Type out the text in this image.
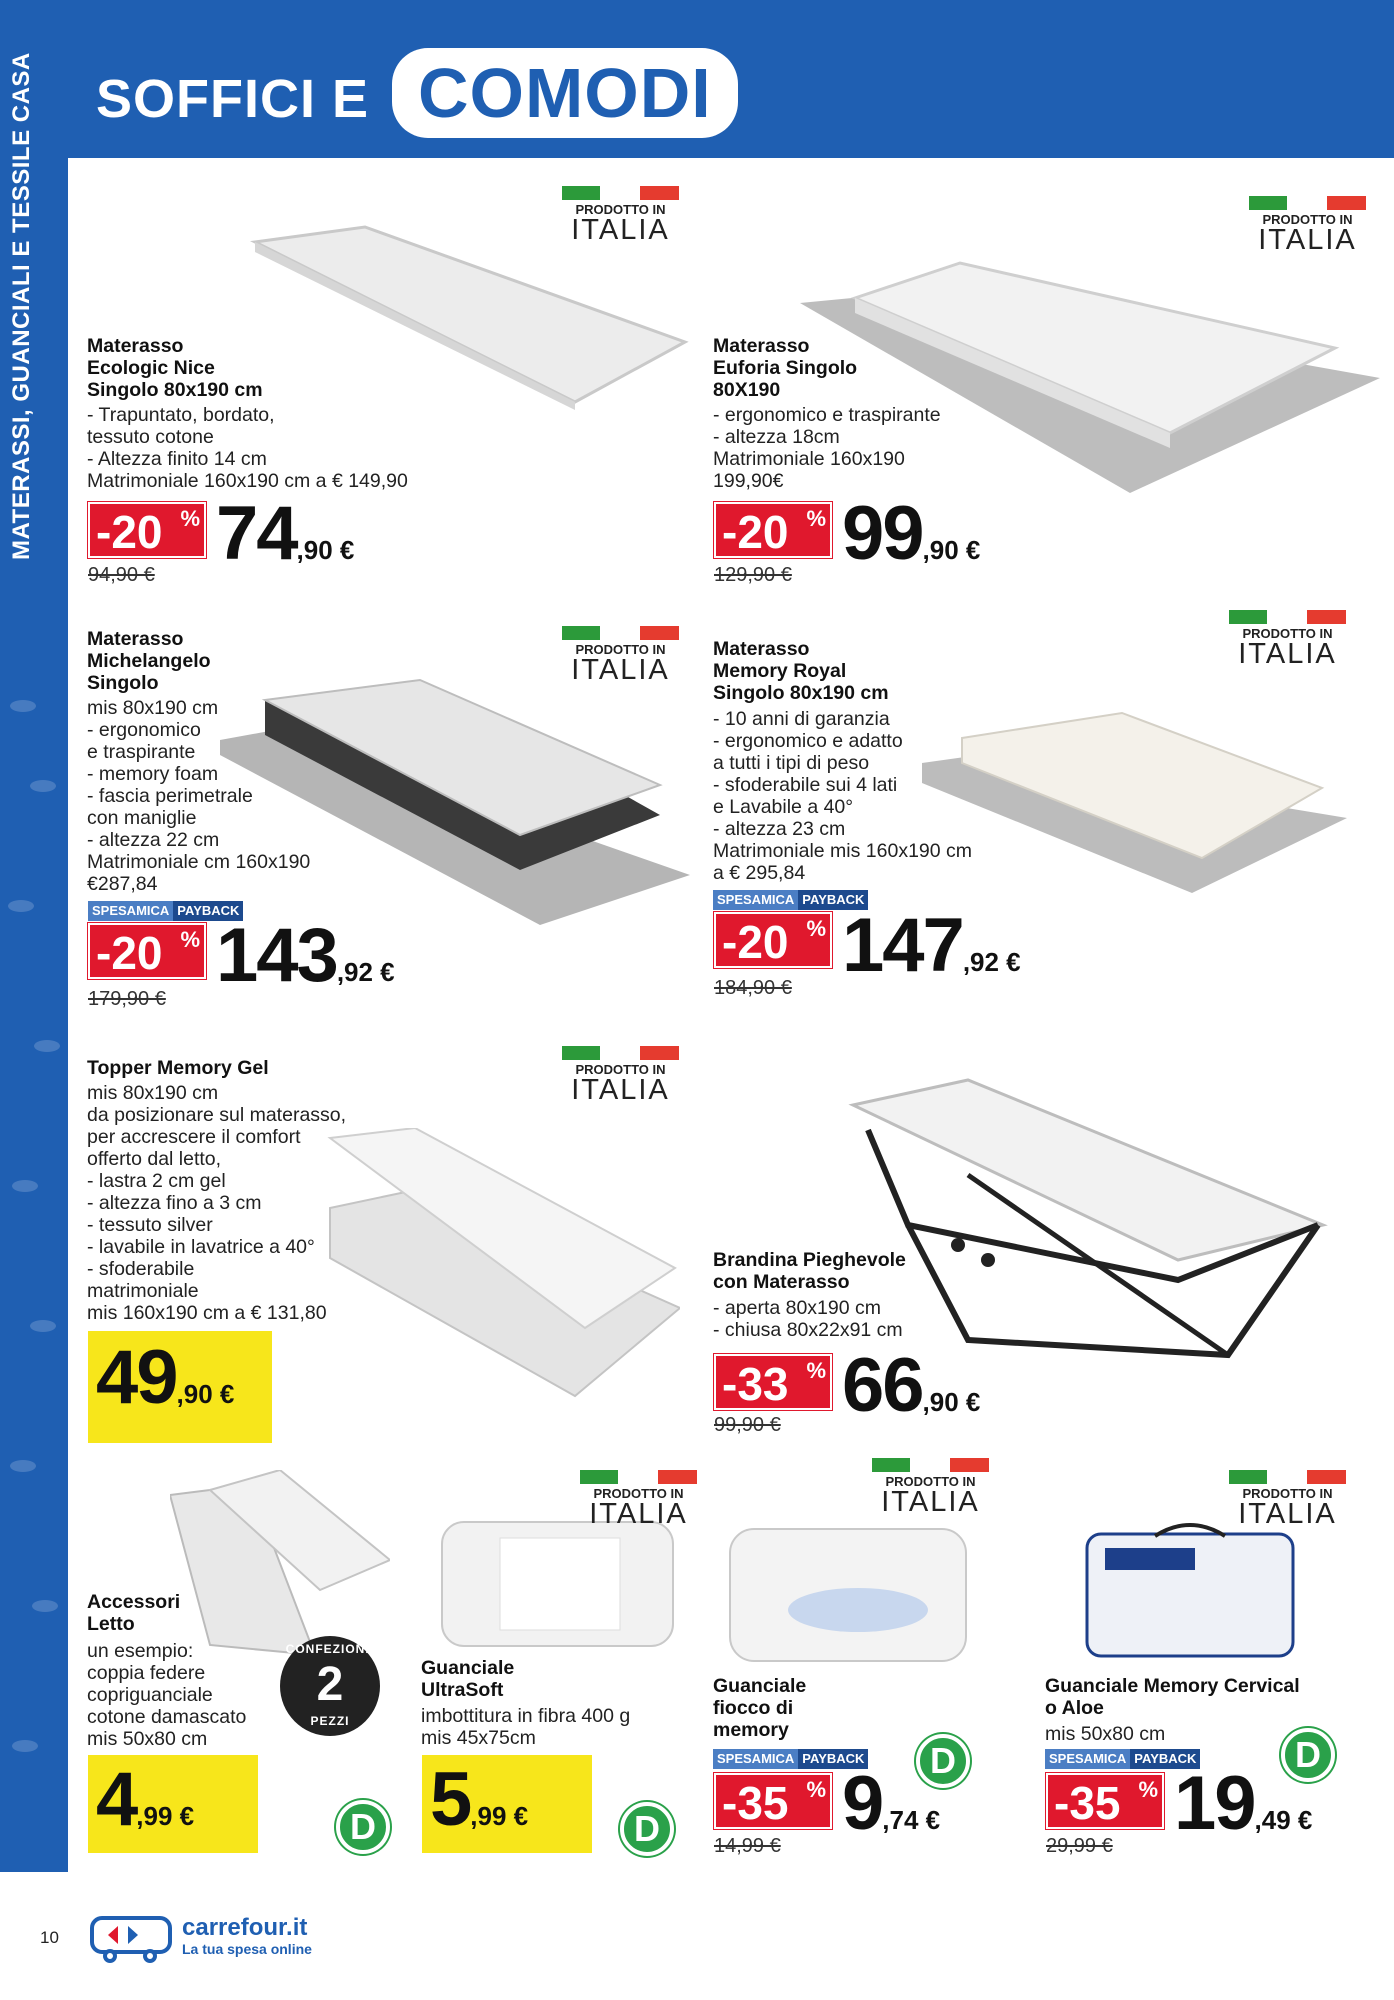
MATERASSI, GUANCIALI E TESSILE CASA SOFFICI E COMODI
PRODOTTO IN
ITALIA
Materasso
Ecologic Nice
Singolo 80x190 cm
- Trapuntato, bordato,
tessuto cotone
- Altezza finito 14 cm
Matrimoniale 160x190 cm a € 149,90
-20 % 74,90 €
94,90 €
PRODOTTO IN
ITALIA
Materasso
Euforia Singolo
80X190
- ergonomico e traspirante
- altezza 18cm
Matrimoniale 160x190
199,90€
-20 % 99,90 €
129,90 €
PRODOTTO IN
ITALIA
Materasso
Michelangelo
Singolo
mis 80x190 cm
- ergonomico
e traspirante
- memory foam
- fascia perimetrale
con maniglie
- altezza 22 cm
Matrimoniale cm 160x190
€287,84
SPESAMICA PAYBACK
-20 % 143,92 €
179,90 €
PRODOTTO IN
ITALIA
Materasso
Memory Royal
Singolo 80x190 cm
- 10 anni di garanzia
- ergonomico e adatto
a tutti i tipi di peso
- sfoderabile sui 4 lati
e Lavabile a 40°
- altezza 23 cm
Matrimoniale mis 160x190 cm
a € 295,84
SPESAMICA PAYBACK
-20 % 147,92 €
184,90 €
PRODOTTO IN
ITALIA
Topper Memory Gel
mis 80x190 cm
da posizionare sul materasso,
per accrescere il comfort
offerto dal letto,
- lastra 2 cm gel
- altezza fino a 3 cm
- tessuto silver
- lavabile in lavatrice a 40°
- sfoderabile
matrimoniale
mis 160x190 cm a € 131,80
49,90 €
Brandina Pieghevole
con Materasso
- aperta 80x190 cm
- chiusa 80x22x91 cm
-33 % 66,90 €
99,90 €
CONFEZIONE
2
PEZZI
Accessori
Letto
un esempio:
coppia federe
copriguanciale
cotone damascato
mis 50x80 cm
4,99 €	D
PRODOTTO IN
ITALIA
Guanciale
UltraSoft
imbottitura in fibra 400 g
mis 45x75cm
5,99 €	D
PRODOTTO IN
ITALIA
Guanciale
fiocco di
memory
D
SPESAMICA PAYBACK
-35 % 9,74 €
14,99 €
PRODOTTO IN
ITALIA
Guanciale Memory Cervical
o Aloe
mis 50x80 cm	D
SPESAMICA PAYBACK
-35 % 19,49 €
29,99 €
10	carrefour.it
La tua spesa online
